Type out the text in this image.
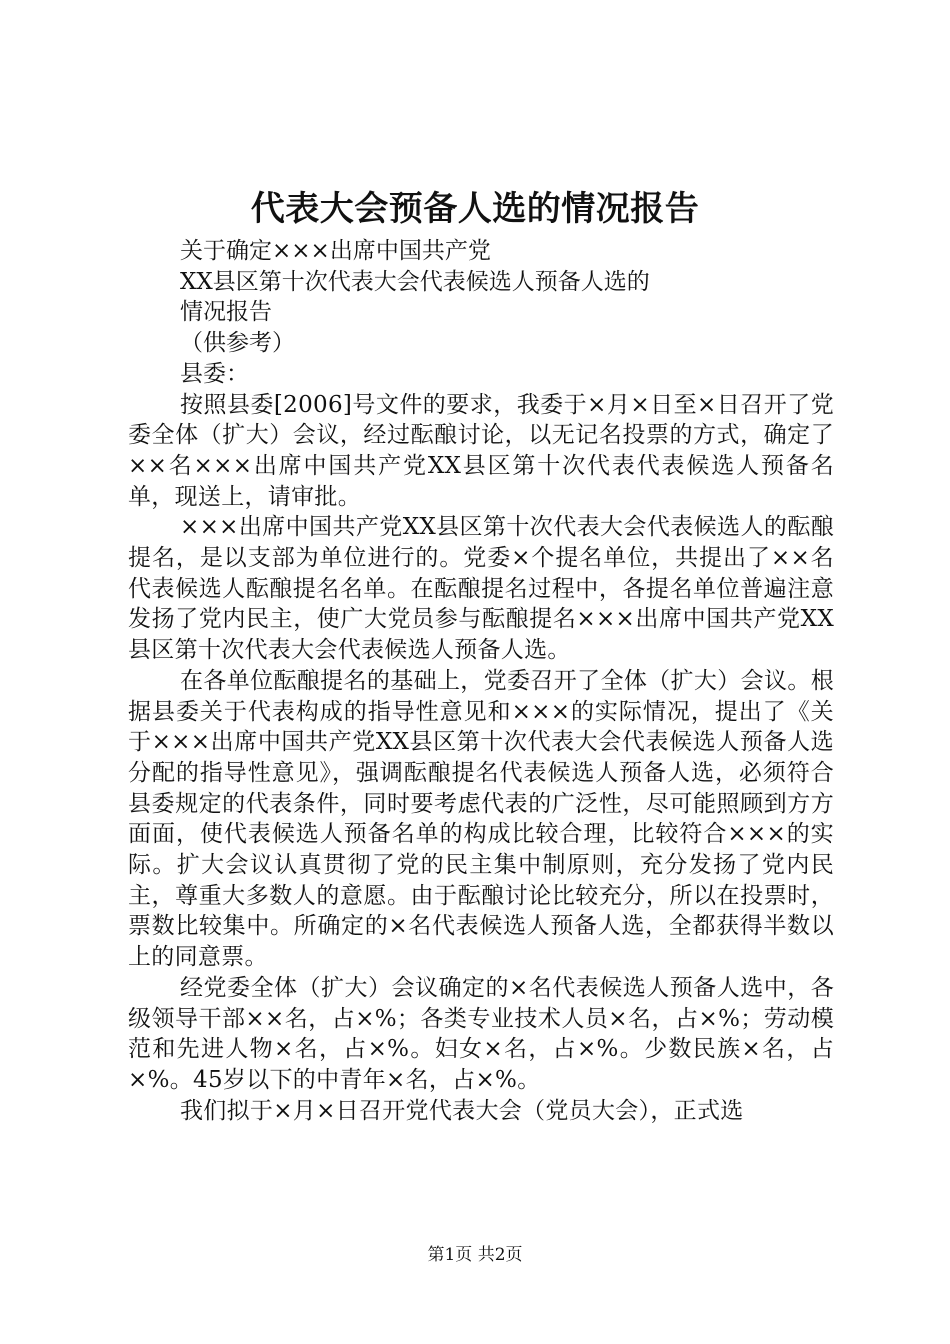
代表大会预备人选的情况报告
关于确定×××出席中国共产党
XX县区第十次代表大会代表候选人预备人选的
情况报告
（供参考）
县委：

按照县委[2006]号文件的要求，我委于×月×日至×日召开了党委全体（扩大）会议，经过酝酿讨论，以无记名投票的方式，确定了××名×××出席中国共产党XX县区第十次代表代表候选人预备名单，现送上，请审批。

×××出席中国共产党XX县区第十次代表大会代表候选人的酝酿提名，是以支部为单位进行的。党委×个提名单位，共提出了××名代表候选人酝酿提名名单。在酝酿提名过程中，各提名单位普遍注意发扬了党内民主，使广大党员参与酝酿提名×××出席中国共产党XX县区第十次代表大会代表候选人预备人选。

在各单位酝酿提名的基础上，党委召开了全体（扩大）会议。根据县委关于代表构成的指导性意见和×××的实际情况，提出了《关于×××出席中国共产党XX县区第十次代表大会代表候选人预备人选分配的指导性意见》，强调酝酿提名代表候选人预备人选，必须符合县委规定的代表条件，同时要考虑代表的广泛性，尽可能照顾到方方面面，使代表候选人预备名单的构成比较合理，比较符合×××的实际。扩大会议认真贯彻了党的民主集中制原则，充分发扬了党内民主，尊重大多数人的意愿。由于酝酿讨论比较充分，所以在投票时，票数比较集中。所确定的×名代表候选人预备人选，全都获得半数以上的同意票。

经党委全体（扩大）会议确定的×名代表候选人预备人选中，各级领导干部××名，占×%；各类专业技术人员×名，占×%；劳动模范和先进人物×名，占×%。妇女×名，占×%。少数民族×名，占×%。45岁以下的中青年×名，占×%。

我们拟于×月×日召开党代表大会（党员大会），正式选

第1页 共2页
